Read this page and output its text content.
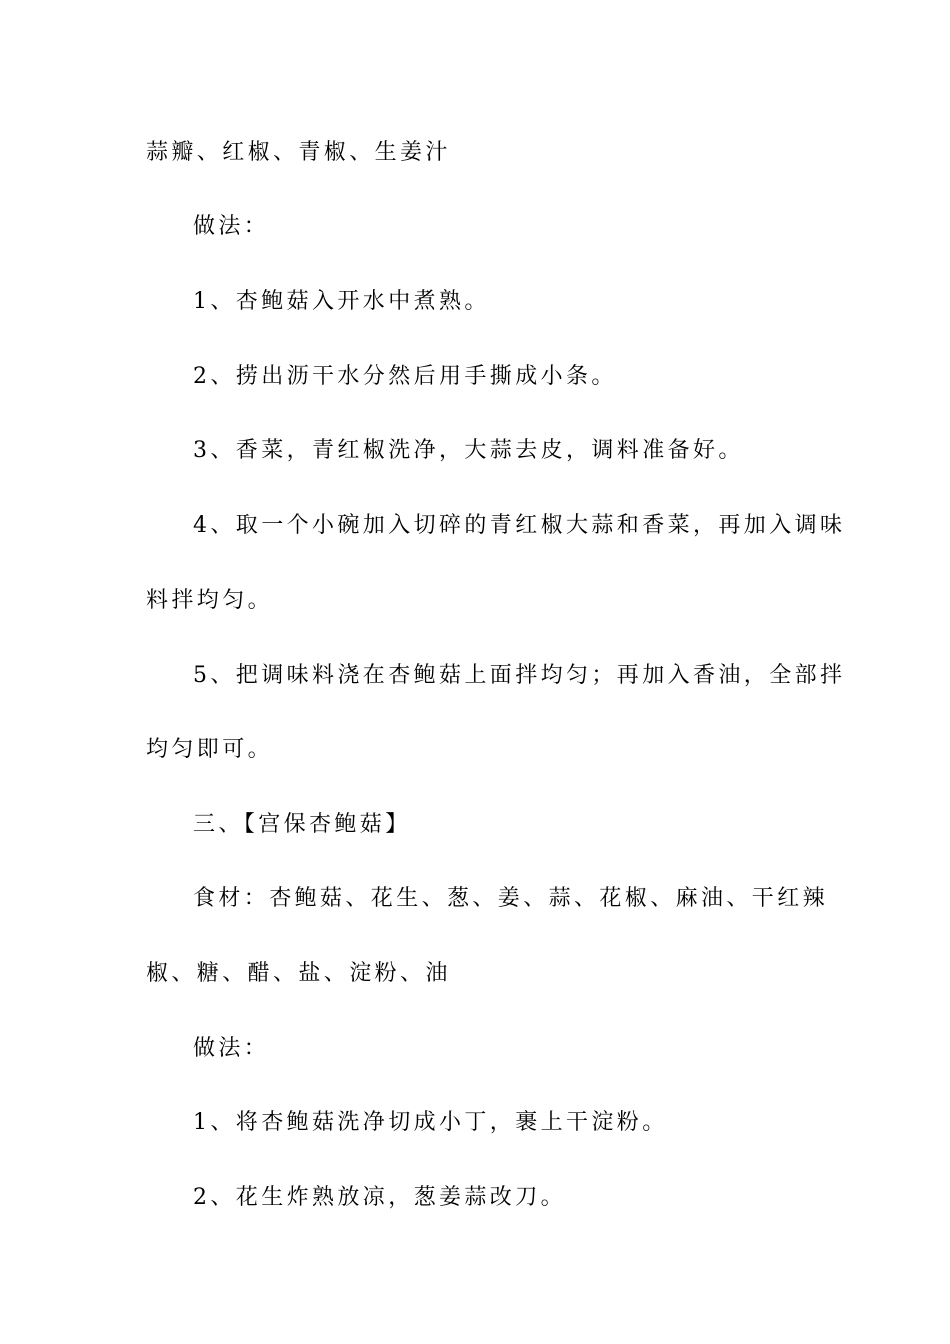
蒜瓣、红椒、青椒、生姜汁

做法：

1、杏鲍菇入开水中煮熟。

2、捞出沥干水分然后用手撕成小条。

3、香菜，青红椒洗净，大蒜去皮，调料准备好。

4、取一个小碗加入切碎的青红椒大蒜和香菜，再加入调味

料拌均匀。

5、把调味料浇在杏鲍菇上面拌均匀；再加入香油，全部拌

均匀即可。

三、【宫保杏鲍菇】

食材：杏鲍菇、花生、葱、姜、蒜、花椒、麻油、干红辣

椒、糖、醋、盐、淀粉、油

做法：

1、将杏鲍菇洗净切成小丁，裹上干淀粉。

2、花生炸熟放凉，葱姜蒜改刀。
